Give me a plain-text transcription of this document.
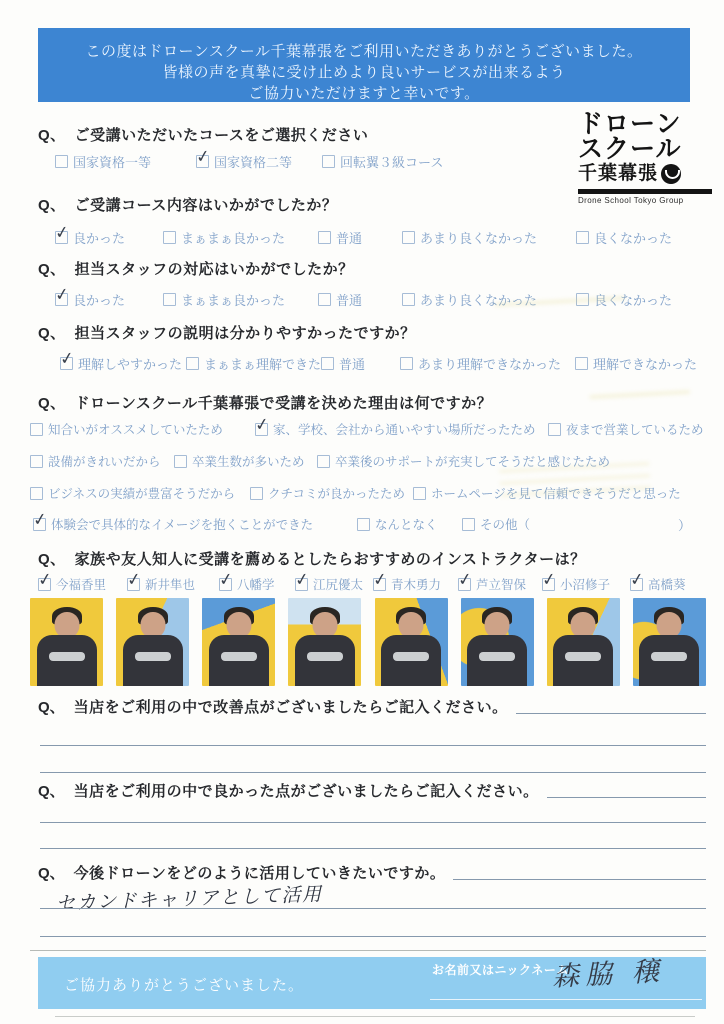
この度はドローンスクール千葉幕張をご利用いただきありがとうございました。
皆様の声を真摯に受け止めより良いサービスが出来るよう
ご協力いただけますと幸いです。
ドローン
スクール
千葉幕張
Drone School Tokyo Group
Q、 ご受講いただいたコースをご選択ください
国家資格一等 ✓	国家資格二等	回転翼３級コース
Q、 ご受講コース内容はいかがでしたか？
✓
良かった	まぁまぁ良かった	普通	あまり良くなかった	良くなかった
Q、 担当スタッフの対応はいかがでしたか？
✓
良かった	まぁまぁ良かった	普通	あまり良くなかった	良くなかった
Q、 担当スタッフの説明は分かりやすかったですか？
✓
理解しやすかった まぁまぁ理解できた 普通	あまり理解できなかった 理解できなかった
Q、 ドローンスクール千葉幕張で受講を決めた理由は何ですか？
知合いがオススメしていたため ✓	家、学校、会社から通いやすい場所だったため 夜まで営業しているため
設備がきれいだから	卒業生数が多いため 卒業後のサポートが充実してそうだと感じたため
ビジネスの実績が豊富そうだから	クチコミが良かったため ホームページを見て信頼できそうだと思った
✓
体験会で具体的なイメージを抱くことができた	なんとなく	その他（	）
Q、 家族や友人知人に受講を薦めるとしたらおすすめのインストラクターは？
✓
今福香里 ✓	新井隼也 ✓	八幡学 ✓	江尻優太 ✓ 青木勇力 ✓	芦立智保 ✓	小沼修子 ✓	高橋葵
Q、 当店をご利用の中で改善点がございましたらご記入ください。
Q、 当店をご利用の中で良かった点がございましたらご記入ください。
Q、 今後ドローンをどのように活用していきたいですか。
セカンドキャリアとして活用
ご協力ありがとうございました。
お名前又はニックネーム
森脇 穣
